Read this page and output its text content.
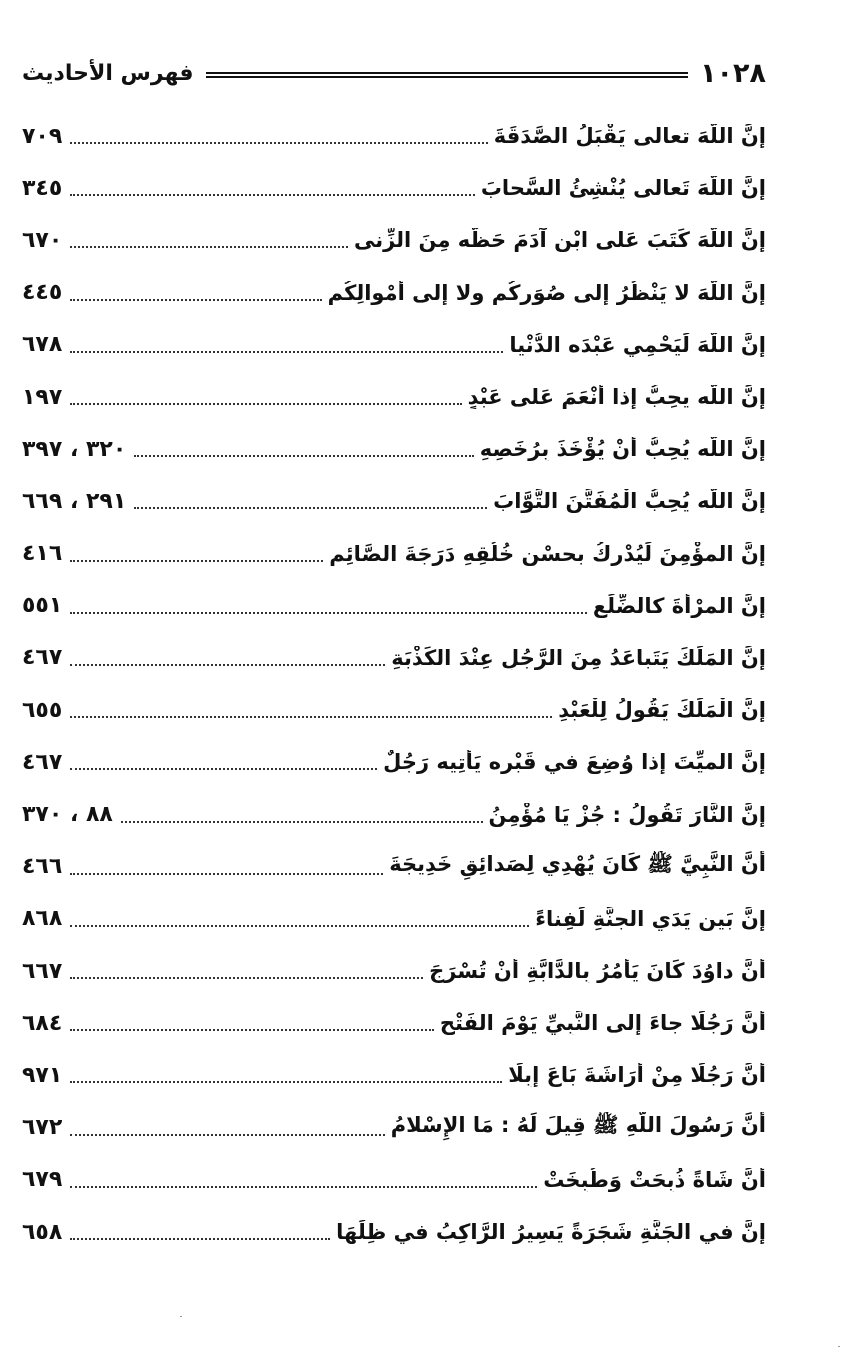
١٠٢٨
فهرس الأحاديث
إِنَّ اللَّهَ تعالى يَقْبَلُ الصَّدَقَةَ
٧٠٩
إِنَّ اللَّهَ تَعالى يُنْشِئُ السَّحابَ
٣٤٥
إِنَّ اللَّهَ كَتَبَ عَلى ابْنِ آدَمَ حَظَّه مِنَ الزِّنى
٦٧٠
إِنَّ اللَّهَ لا يَنْظُرُ إِلى صُوَرِكُم ولا إِلى أَمْوالِكُم
٤٤٥
إِنَّ اللَّهَ لَيَحْمِي عَبْدَه الدُّنْيا
٦٧٨
إِنَّ اللَّه يحِبُّ إِذا أَنْعَمَ عَلى عَبْدٍ
١٩٧
إِنَّ اللَّه يُحِبُّ أَنْ يُؤْخَذَ بِرُخَصِهِ
٣٢٠ ، ٣٩٧
إِنَّ اللَّه يُحِبُّ الْمُفَتَّنَ التَّوَّابَ
٢٩١ ، ٦٦٩
إِنَّ المؤْمِنَ لَيُدْرِكُ بحسْنِ خُلُقِهِ دَرَجَةَ الصَّائِمِ
٤١٦
إِنَّ المرْأَةَ كالضِّلَعِ
٥٥١
إِنَّ المَلَكَ يَتَباعَدُ مِنَ الرَّجُلِ عِنْدَ الكَذْبَةِ
٤٦٧
إِنَّ الْمَلَكَ يَقُولُ لِلْعَبْدِ
٦٥٥
إِنَّ الميِّتَ إِذا وُضِعَ في قَبْرِه يَأْتِيه رَجُلٌ
٤٦٧
إِنَّ النَّارَ تَقُولُ : جُزْ يَا مُؤْمِنُ
٨٨ ، ٣٧٠
أَنَّ النَّبِيَّ ﷺ كَانَ يُهْدِي لِصَدائِقِ خَدِيجَةَ
٤٦٦
إِنَّ بَين يَدَي الجنَّةِ لَفِناءً
٨٦٨
أَنَّ داوُدَ كَانَ يَأْمُرُ بِالدَّابَّةِ أَنْ تُسْرَجَ
٦٦٧
أَنَّ رَجُلًا جاءَ إِلى النَّبِيِّ يَوْمَ الفَتْحِ
٦٨٤
أَنَّ رَجُلًا مِنْ أَرَاشَةَ بَاعَ إِبِلًا
٩٧١
أَنَّ رَسُولَ اللَّهِ ﷺ قِيلَ لَهُ : مَا الإِسْلامُ
٦٧٢
أَنَّ شَاةً ذُبِحَتْ وَطُبِخَتْ
٦٧٩
إِنَّ في الجَنَّةِ شَجَرَةً يَسِيرُ الرَّاكِبُ في ظِلِّهَا
٦٥٨
